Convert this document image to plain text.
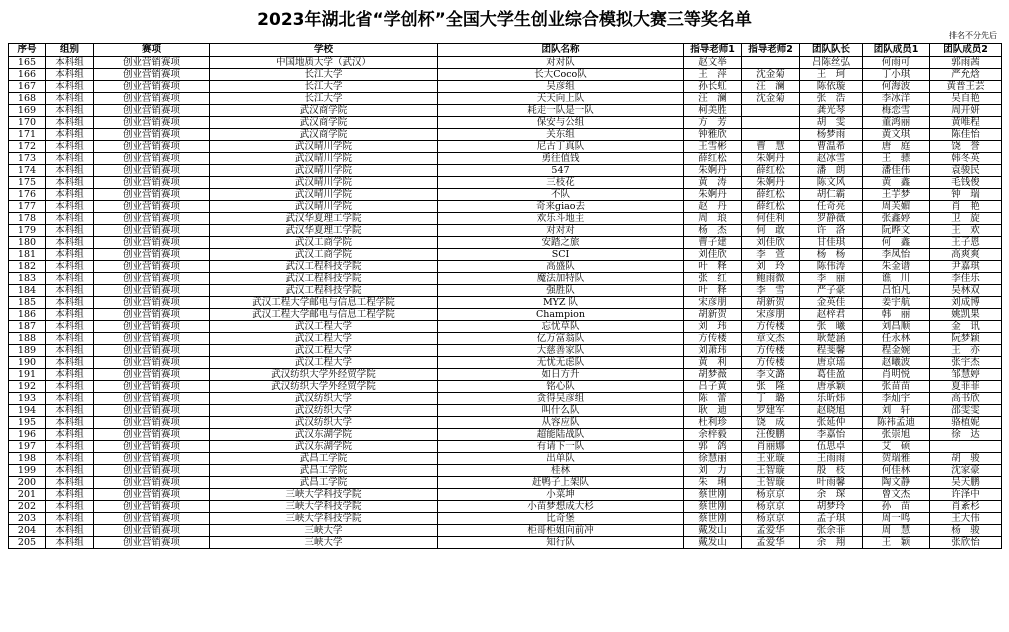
2023年湖北省“学创杯”全国大学生创业综合模拟大赛三等奖名单
排名不分先后
序号	组别	赛项	学校	团队名称	指导老师1	指导老师2	团队队长	团队成员1	团队成员2
165	本科组	创业营销赛项	中国地质大学（武汉）	对对队	赵文举		吕陈丝弘	何雨可	郭雨茜
166	本科组	创业营销赛项	长江大学	长大Coco队	王　萍	沈金菊	王　珂	丁小琪	严允焓
167	本科组	创业营销赛项	长江大学	吴彦组	孙长虹	汪　澜	陈依璇	何海波	黄普王芸
168	本科组	创业营销赛项	长江大学	天天向上队	汪　澜	沈金菊	张　浩	李冰洋	吴自艳
169	本科组	创业营销赛项	武汉商学院	耗走一队是一队	柯美胜		龚光琴	梅恋雪	周开妍
170	本科组	创业营销赛项	武汉商学院	保安与公组	方　芳		胡　雯	董鸿丽	黄唯程
171	本科组	创业营销赛项	武汉商学院	关东组	钟雅欣		杨梦雨	黄文琪	陈佳怡
172	本科组	创业营销赛项	武汉晴川学院	尼古丁真队	王雪彬	曹　慧	曹温希	唐　庭	饶　誉
173	本科组	创业营销赛项	武汉晴川学院	勇往值钱	薛红松	朱婀丹	赵冰雪	王　骠	韩冬英
174	本科组	创业营销赛项	武汉晴川学院	547	朱婀丹	薛红松	潘　朗	潘佳伟	袁骏民
175	本科组	创业营销赛项	武汉晴川学院	三枝花	黄　涛	朱婀丹	陈文风	黄　鑫	毛钱俊
176	本科组	创业营销赛项	武汉晴川学院	不队	朱婀丹	薛红松	胡仁霸	王芋梦	钟　瑞
177	本科组	创业营销赛项	武汉晴川学院	奇来giao去	赵　丹	薛红松	任奇亮	周芙媚	肖　艳
178	本科组	创业营销赛项	武汉华夏理工学院	欢乐斗地主	周　琅	何佳利	罗静薇	张鑫婷	卫　旋
179	本科组	创业营销赛项	武汉华夏理工学院	对对对	杨　杰	何　敢	许　洛	阮晔文	王　欢
180	本科组	创业营销赛项	武汉工商学院	安踏之旅	曹子建	刘佳欣	甘佳琪	何　鑫	王子恩
181	本科组	创业营销赛项	武汉工商学院	SCI	刘佳欣	李　萱	杨　杨	李凤怡	高爽爽
182	本科组	创业营销赛项	武汉工程科技学院	高盛队	叶　释	刘　玲	陈伟涛	朱金谱	尹嘉琪
183	本科组	创业营销赛项	武汉工程科技学院	魔法加特队	张　红	鲍雨微	李　丽	谯　川	李佳乐
184	本科组	创业营销赛项	武汉工程科技学院	强胜队	叶　释	李　雪	严子豪	吕怕凡	吴林双
185	本科组	创业营销赛项	武汉工程大学邮电与信息工程学院	MYZ 队	宋彦朋	胡新贺	金英佳	姜宇航	刘成博
186	本科组	创业营销赛项	武汉工程大学邮电与信息工程学院	Champion	胡新贺	宋彦朋	赵梓君	韩　丽	姚凯果
187	本科组	创业营销赛项	武汉工程大学	忘忧草队	刘　玮	方传楼	张　曦	刘昌顺	金　讯
188	本科组	创业营销赛项	武汉工程大学	亿万富翁队	方传楼	章文杰	耿楚涵	任永林	阮梦颖
189	本科组	创业营销赛项	武汉工程大学	大慈善家队	刘萧玮	方传楼	程斐馨	程金婉	王　亦
190	本科组	创业营销赛项	武汉工程大学	无忧无虑队	黄　利	方传楼	唐京瑶	赵曦波	张宇杰
191	本科组	创业营销赛项	武汉纺织大学外经贸学院	如日方升	胡梦薇	李文潞	葛佳盈	肖明悦	邹慧婷
192	本科组	创业营销赛项	武汉纺织大学外经贸学院	铭心队	吕子黄	张　隆	唐承颖	张苗苗	夏菲菲
193	本科组	创业营销赛项	武汉纺织大学	贪得吴彦组	陈　蕾	丁　璐	乐昕炜	李灿宇	高书欣
194	本科组	创业营销赛项	武汉纺织大学	叫什么队	耿　迪	罗建军	赵晓旭	刘　轩	邵雯雯
195	本科组	创业营销赛项	武汉纺织大学	从容应队	杜利珍	饶　成	张延仲	陈祎孟迪	骆植妮
196	本科组	创业营销赛项	武汉东湖学院	超能陆战队	余梓毅	汪俊鹏	李嘉怡	张崇旭	徐　达
197	本科组	创业营销赛项	武汉东湖学院	有请下一队	郭　鸽	肖丽娜	伍思卓	艾　硕	
198	本科组	创业营销赛项	武昌工学院	出单队	徐慧丽	王亚璇	王雨雨	贺瑞雅	胡　骏
199	本科组	创业营销赛项	武昌工学院	桂林	刘　力	王智璇	殷　枝	何佳林	沈家豪
200	本科组	创业营销赛项	武昌工学院	赶鸭子上架队	朱　琍	王智璇	叶雨馨	陶文静	吴天鹏
201	本科组	创业营销赛项	三峡大学科技学院	小菜坤	蔡世刚	杨京京	余　琛	曾文杰	许泽中
202	本科组	创业营销赛项	三峡大学科技学院	小苗梦想成大杉	蔡世刚	杨京京	胡梦玲	孙　苗	肖紊杉
203	本科组	创业营销赛项	三峡大学科技学院	比奇堡	蔡世刚	杨京京	孟子琪	周一鸣	王大伟
204	本科组	创业营销赛项	三峡大学	柜哥柜姐向前冲	戴发山	孟爱华	张余菲	周　慧	杨　骏
205	本科组	创业营销赛项	三峡大学	知行队	戴发山	孟爱华	余　翔	王　颖	张欣怡
